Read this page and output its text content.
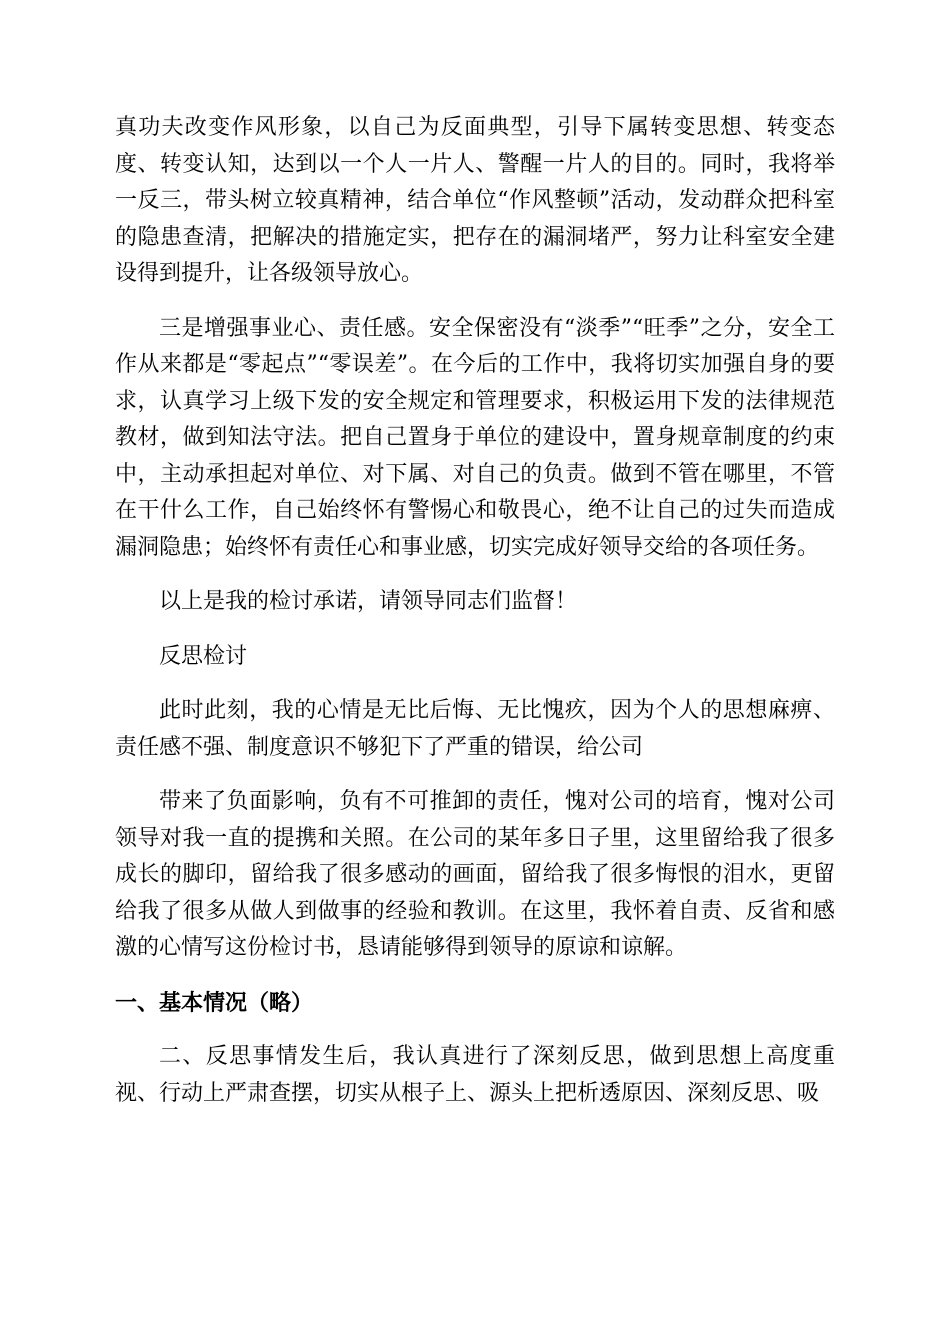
真功夫改变作风形象，以自己为反面典型，引导下属转变思想、转变态度、转变认知，达到以一个人一片人、警醒一片人的目的。同时，我将举一反三，带头树立较真精神，结合单位“作风整顿”活动，发动群众把科室的隐患查清，把解决的措施定实，把存在的漏洞堵严，努力让科室安全建设得到提升，让各级领导放心。

三是增强事业心、责任感。安全保密没有“淡季”“旺季”之分，安全工作从来都是“零起点”“零误差”。在今后的工作中，我将切实加强自身的要求，认真学习上级下发的安全规定和管理要求，积极运用下发的法律规范教材，做到知法守法。把自己置身于单位的建设中，置身规章制度的约束中，主动承担起对单位、对下属、对自己的负责。做到不管在哪里，不管在干什么工作，自己始终怀有警惕心和敬畏心，绝不让自己的过失而造成漏洞隐患；始终怀有责任心和事业感，切实完成好领导交给的各项任务。

以上是我的检讨承诺，请领导同志们监督！

反思检讨

此时此刻，我的心情是无比后悔、无比愧疚，因为个人的思想麻痹、责任感不强、制度意识不够犯下了严重的错误，给公司

带来了负面影响，负有不可推卸的责任，愧对公司的培育，愧对公司领导对我一直的提携和关照。在公司的某年多日子里，这里留给我了很多成长的脚印，留给我了很多感动的画面，留给我了很多悔恨的泪水，更留给我了很多从做人到做事的经验和教训。在这里，我怀着自责、反省和感激的心情写这份检讨书，恳请能够得到领导的原谅和谅解。

一、基本情况（略）

二、反思事情发生后，我认真进行了深刻反思，做到思想上高度重视、行动上严肃查摆，切实从根子上、源头上把析透原因、深刻反思、吸
